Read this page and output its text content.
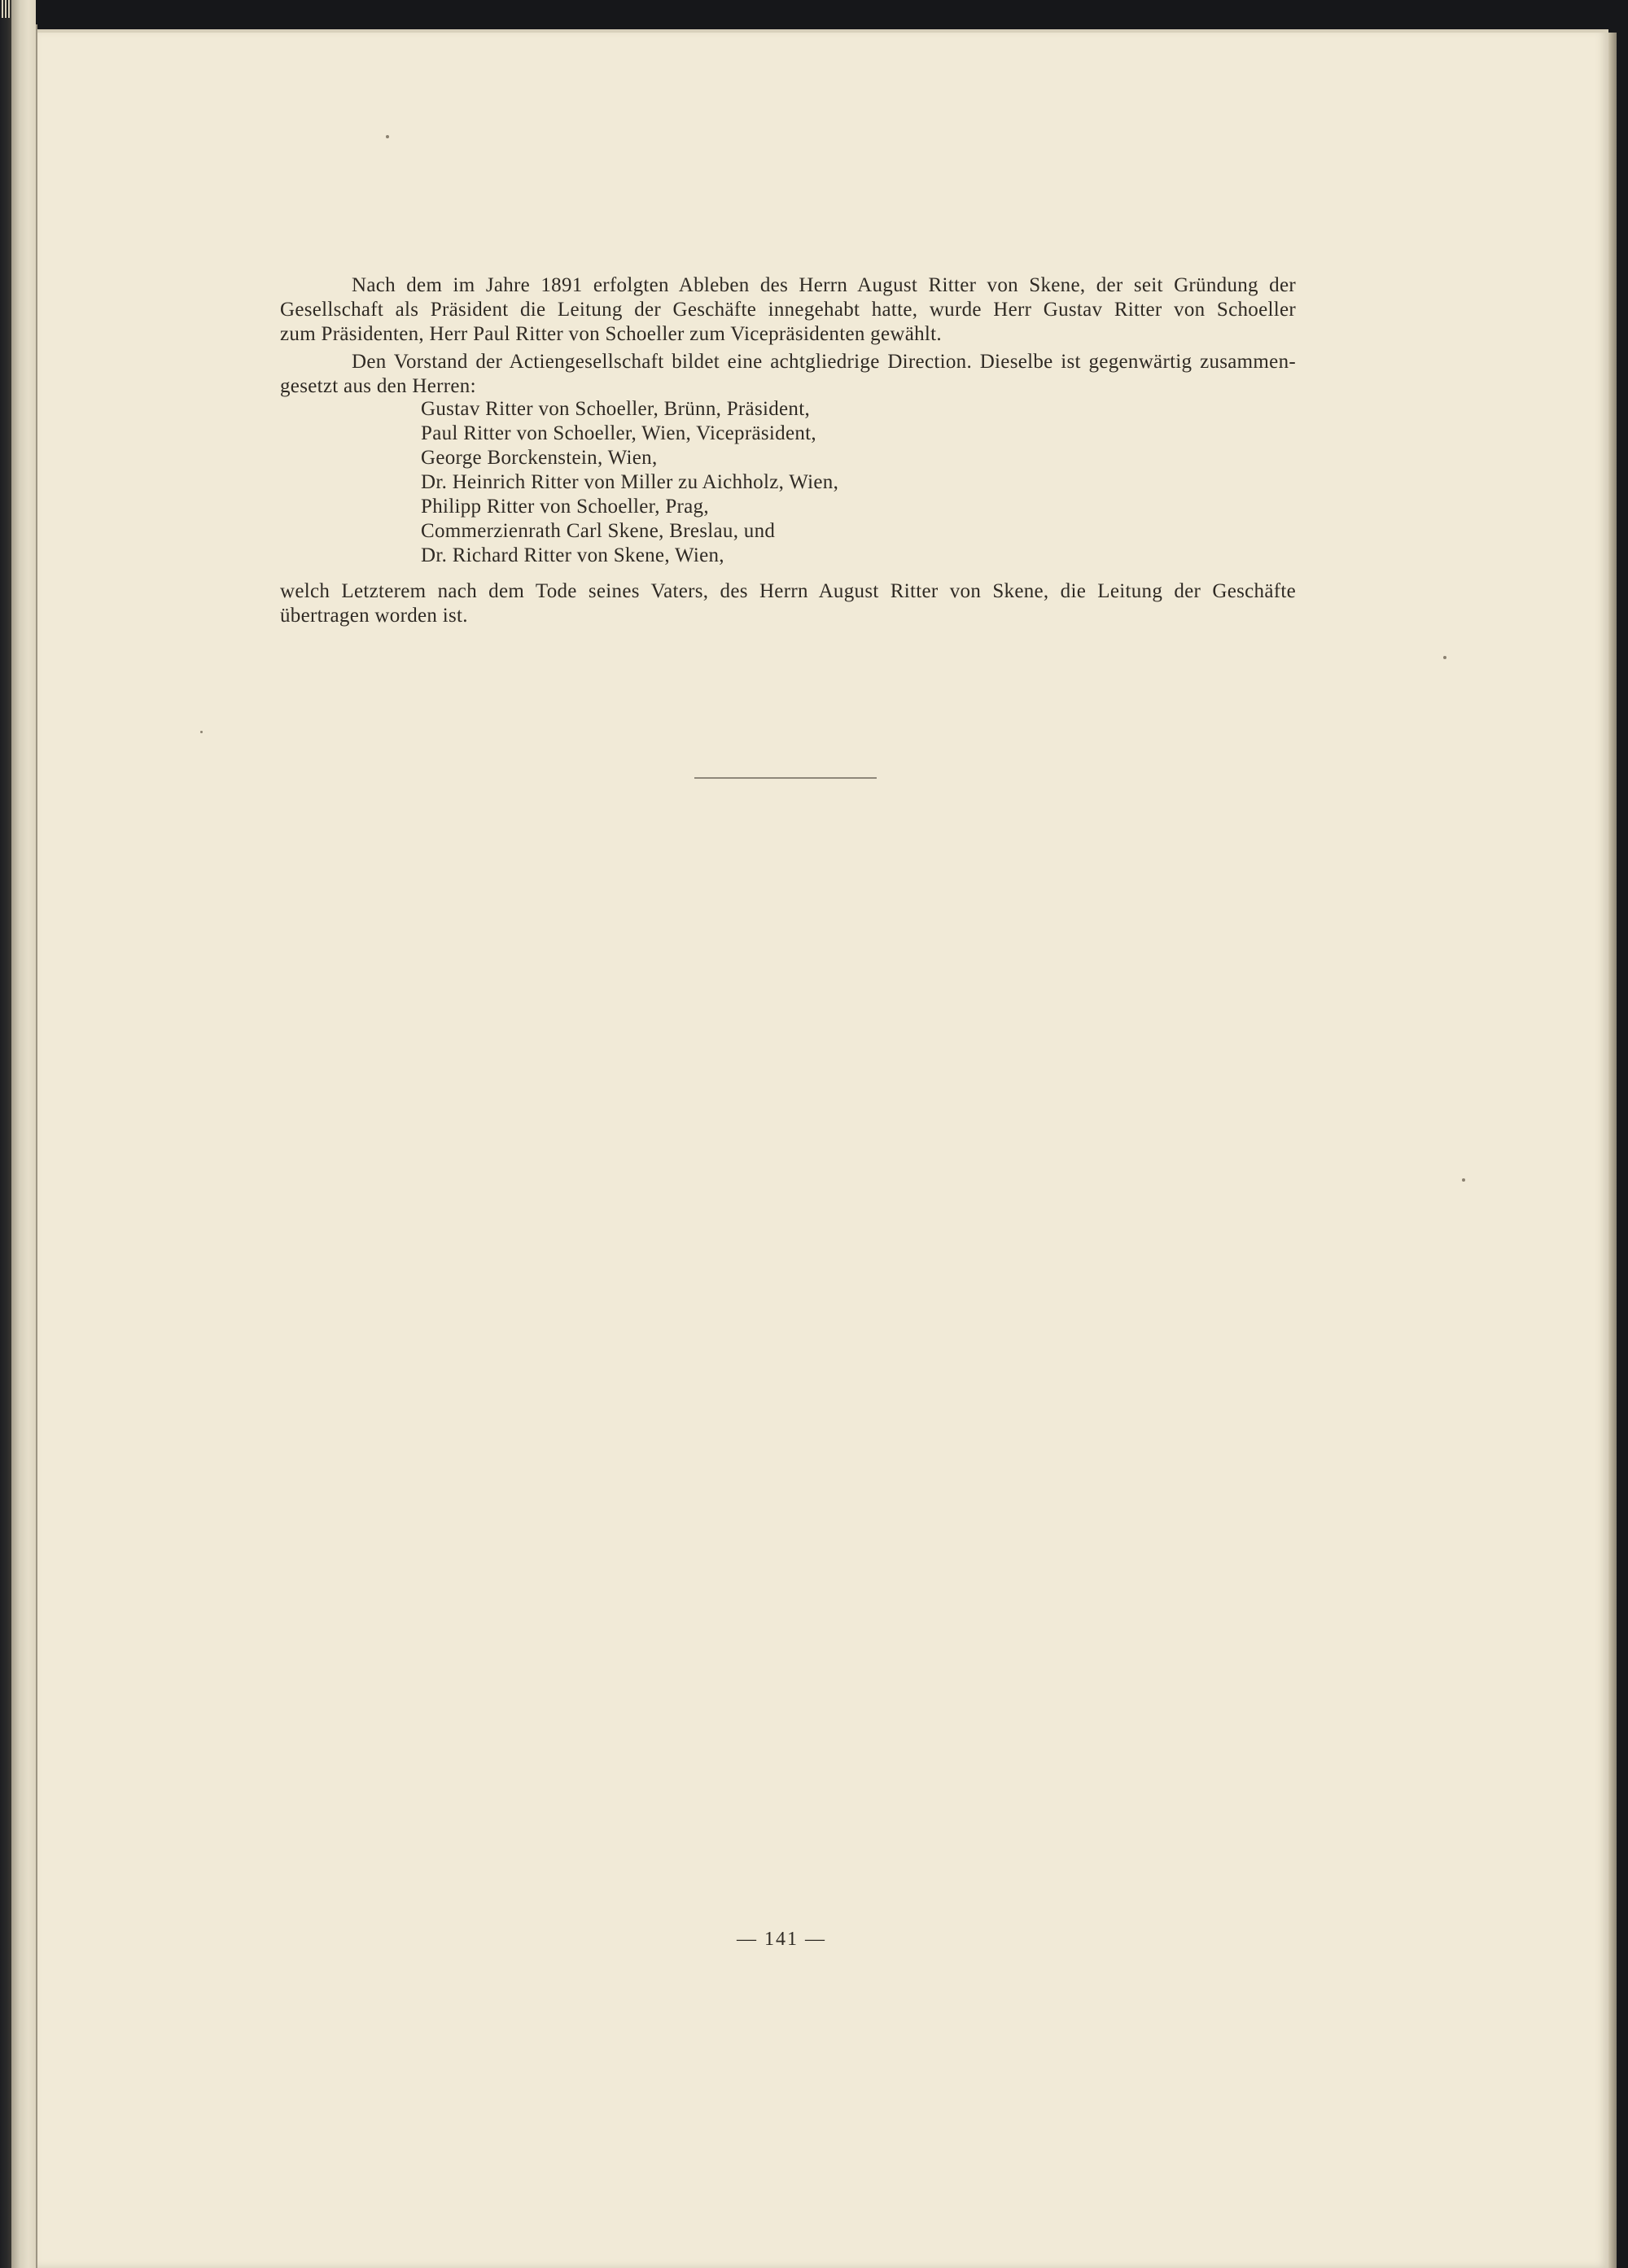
Nach dem im Jahre 1891 erfolgten Ableben des Herrn August Ritter von Skene, der seit Gründung der
Gesellschaft als Präsident die Leitung der Geschäfte innegehabt hatte, wurde Herr Gustav Ritter von Schoeller
zum Präsidenten, Herr Paul Ritter von Schoeller zum Vicepräsidenten gewählt.
Den Vorstand der Actiengesellschaft bildet eine achtgliedrige Direction. Dieselbe ist gegenwärtig zusammen-
gesetzt aus den Herren:
Gustav Ritter von Schoeller, Brünn, Präsident,
Paul Ritter von Schoeller, Wien, Vicepräsident,
George Borckenstein, Wien,
Dr. Heinrich Ritter von Miller zu Aichholz, Wien,
Philipp Ritter von Schoeller, Prag,
Commerzienrath Carl Skene, Breslau, und
Dr. Richard Ritter von Skene, Wien,
welch Letzterem nach dem Tode seines Vaters, des Herrn August Ritter von Skene, die Leitung der Geschäfte
übertragen worden ist.
— 141 —
